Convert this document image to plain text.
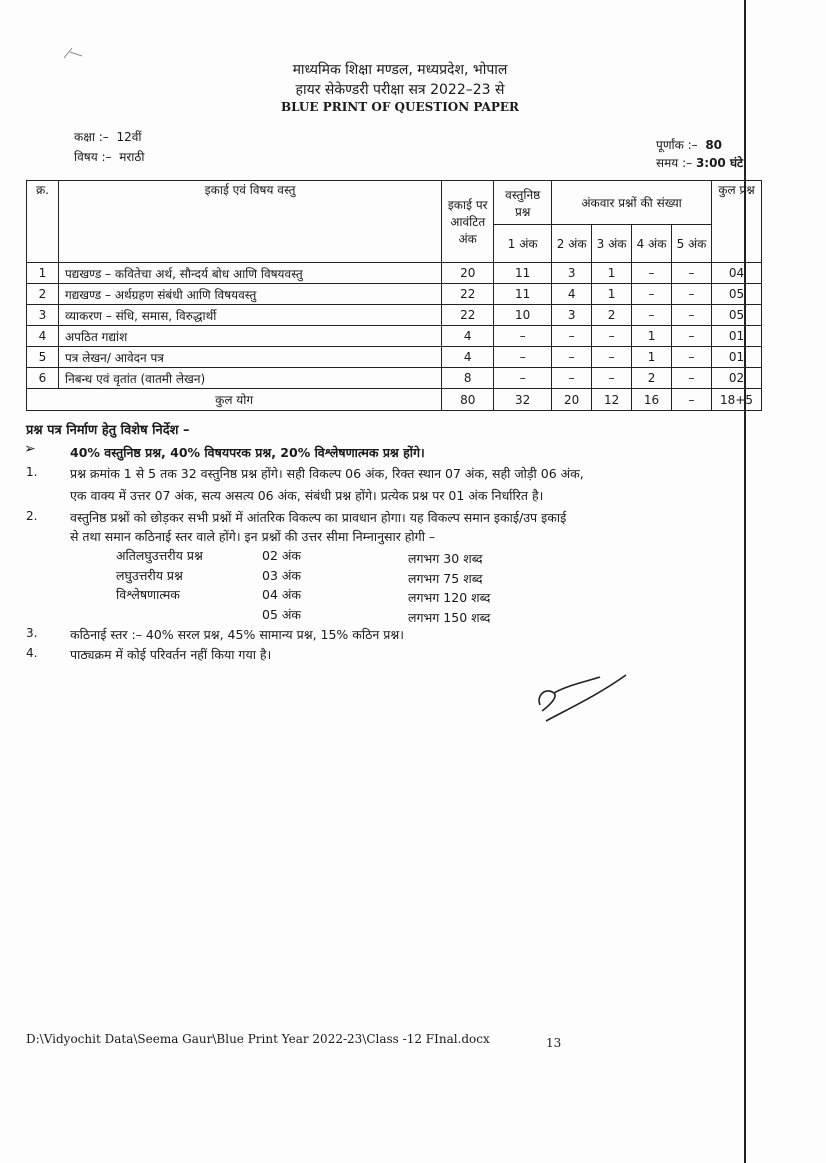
माध्यमिक शिक्षा मण्डल, मध्यप्रदेश, भोपाल
हायर सेकेण्डरी परीक्षा सत्र 2022–23 से
BLUE PRINT OF QUESTION PAPER
कक्षा :– 12वीं
विषय :– मराठी
पूर्णांक :– 80
समय :– 3:00 घंटे
क्र.	इकाई एवं विषय वस्तु	इकाई पर आवंटित अंक	वस्तुनिष्ठ प्रश्न	अंकवार प्रश्नों की संख्या				कुल प्रश्न
			1 अंक	2 अंक	3 अंक	4 अंक	5 अंक	
1	पद्यखण्ड – कवितेचा अर्थ, सौन्दर्य बोध आणि विषयवस्तु	20	11	3	1	–	–	04
2	गद्यखण्ड – अर्थग्रहण संबंधी आणि विषयवस्तु	22	11	4	1	–	–	05
3	व्याकरण – संधि, समास, विरुद्धार्थी	22	10	3	2	–	–	05
4	अपठित गद्यांश	4	–	–	–	1	–	01
5	पत्र लेखन/ आवेदन पत्र	4	–	–	–	1	–	01
6	निबन्ध एवं वृतांत (वातमी लेखन)	8	–	–	–	2	–	02
कुल योग		80	32	20	12	16	–	18+5
प्रश्न पत्र निर्माण हेतु विशेष निर्देश –
➢	40% वस्तुनिष्ठ प्रश्न, 40% विषयपरक प्रश्न, 20% विश्लेषणात्मक प्रश्न होंगे।
1.	प्रश्न क्रमांक 1 से 5 तक 32 वस्तुनिष्ठ प्रश्न होंगे। सही विकल्प 06 अंक, रिक्त स्थान 07 अंक, सही जोड़ी 06 अंक,
एक वाक्य में उत्तर 07 अंक, सत्य असत्य 06 अंक, संबंधी प्रश्न होंगे। प्रत्येक प्रश्न पर 01 अंक निर्धारित है।
2.	वस्तुनिष्ठ प्रश्नों को छोड़कर सभी प्रश्नों में आंतरिक विकल्प का प्रावधान होगा। यह विकल्प समान इकाई/उप इकाई
से तथा समान कठिनाई स्तर वाले होंगे। इन प्रश्नों की उत्तर सीमा निम्नानुसार होगी –
अतिलघुउत्तरीय प्रश्न	02 अंक	लगभग 30 शब्द
लघुउत्तरीय प्रश्न	03 अंक	लगभग 75 शब्द
विश्लेषणात्मक	04 अंक	लगभग 120 शब्द
05 अंक	लगभग 150 शब्द
3.	कठिनाई स्तर :– 40% सरल प्रश्न, 45% सामान्य प्रश्न, 15% कठिन प्रश्न।
4.	पाठ्यक्रम में कोई परिवर्तन नहीं किया गया है।
D:\Vidyochit Data\Seema Gaur\Blue Print Year 2022-23\Class -12 FInal.docx	13
